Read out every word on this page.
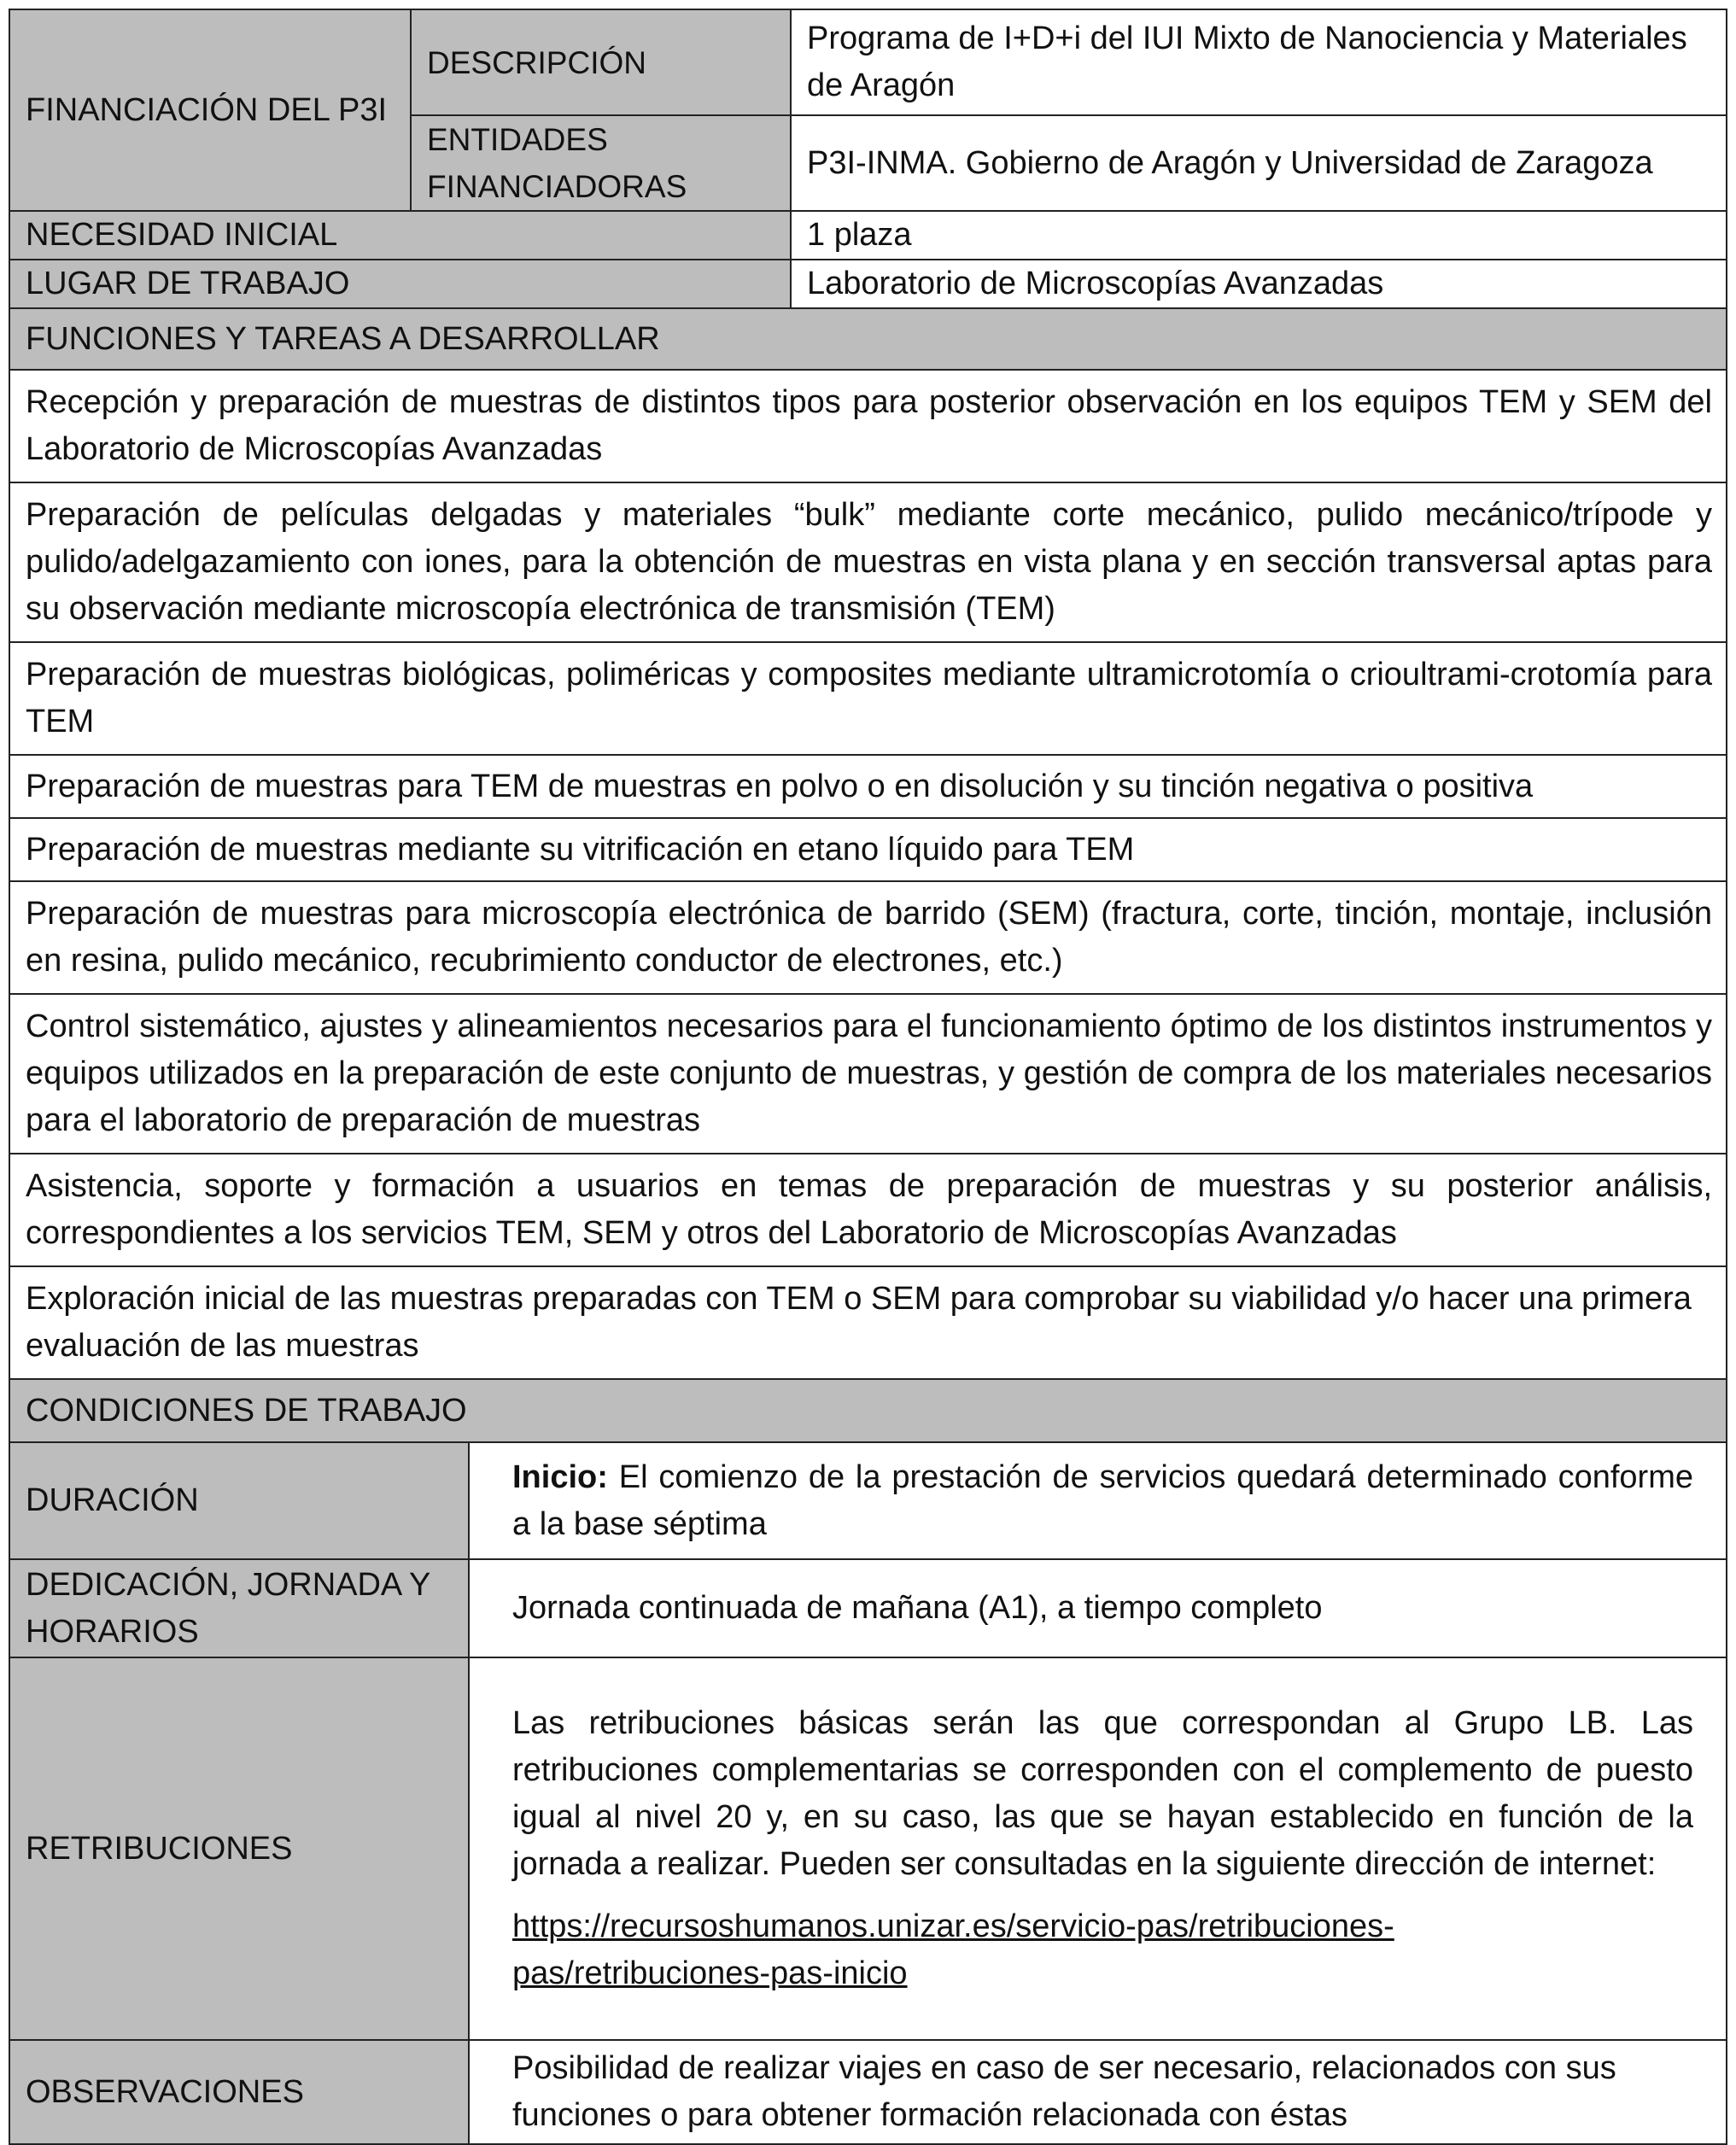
FINANCIACIÓN DEL P3I	DESCRIPCIÓN	Programa de I+D+i del IUI Mixto de Nanociencia y Materiales de Aragón
	ENTIDADES FINANCIADORAS	P3I-INMA. Gobierno de Aragón y Universidad de Zaragoza
NECESIDAD INICIAL		1 plaza
LUGAR DE TRABAJO		Laboratorio de Microscopías Avanzadas
FUNCIONES Y TAREAS A DESARROLLAR
Recepción y preparación de muestras de distintos tipos para posterior observación en los equipos TEM y SEM del Laboratorio de Microscopías Avanzadas
Preparación de películas delgadas y materiales “bulk” mediante corte mecánico, pulido mecánico/trípode y pulido/adelgazamiento con iones, para la obtención de muestras en vista plana y en sección transversal aptas para su observación mediante microscopía electrónica de transmisión (TEM)
Preparación de muestras biológicas, poliméricas y composites mediante ultramicrotomía o crioultrami-crotomía para TEM
Preparación de muestras para TEM de muestras en polvo o en disolución y su tinción negativa o positiva
Preparación de muestras mediante su vitrificación en etano líquido para TEM
Preparación de muestras para microscopía electrónica de barrido (SEM) (fractura, corte, tinción, montaje, inclusión en resina, pulido mecánico, recubrimiento conductor de electrones, etc.)
Control sistemático, ajustes y alineamientos necesarios para el funcionamiento óptimo de los distintos instrumentos y equipos utilizados en la preparación de este conjunto de muestras, y gestión de compra de los materiales necesarios para el laboratorio de preparación de muestras
Asistencia, soporte y formación a usuarios en temas de preparación de muestras y su posterior análisis, correspondientes a los servicios TEM, SEM y otros del Laboratorio de Microscopías Avanzadas
Exploración inicial de las muestras preparadas con TEM o SEM para comprobar su viabilidad y/o hacer una primera evaluación de las muestras
CONDICIONES DE TRABAJO
DURACIÓN	Inicio: El comienzo de la prestación de servicios quedará determinado conforme a la base séptima
DEDICACIÓN, JORNADA Y HORARIOS	Jornada continuada de mañana (A1), a tiempo completo
RETRIBUCIONES	Las retribuciones básicas serán las que correspondan al Grupo LB. Las retribuciones complementarias se corresponden con el complemento de puesto igual al nivel 20 y, en su caso, las que se hayan establecido en función de la jornada a realizar. Pueden ser consultadas en la siguiente dirección de internet:
https://recursoshumanos.unizar.es/servicio-pas/retribuciones-pas/retribuciones-pas-inicio

OBSERVACIONES	Posibilidad de realizar viajes en caso de ser necesario, relacionados con sus funciones o para obtener formación relacionada con éstas
